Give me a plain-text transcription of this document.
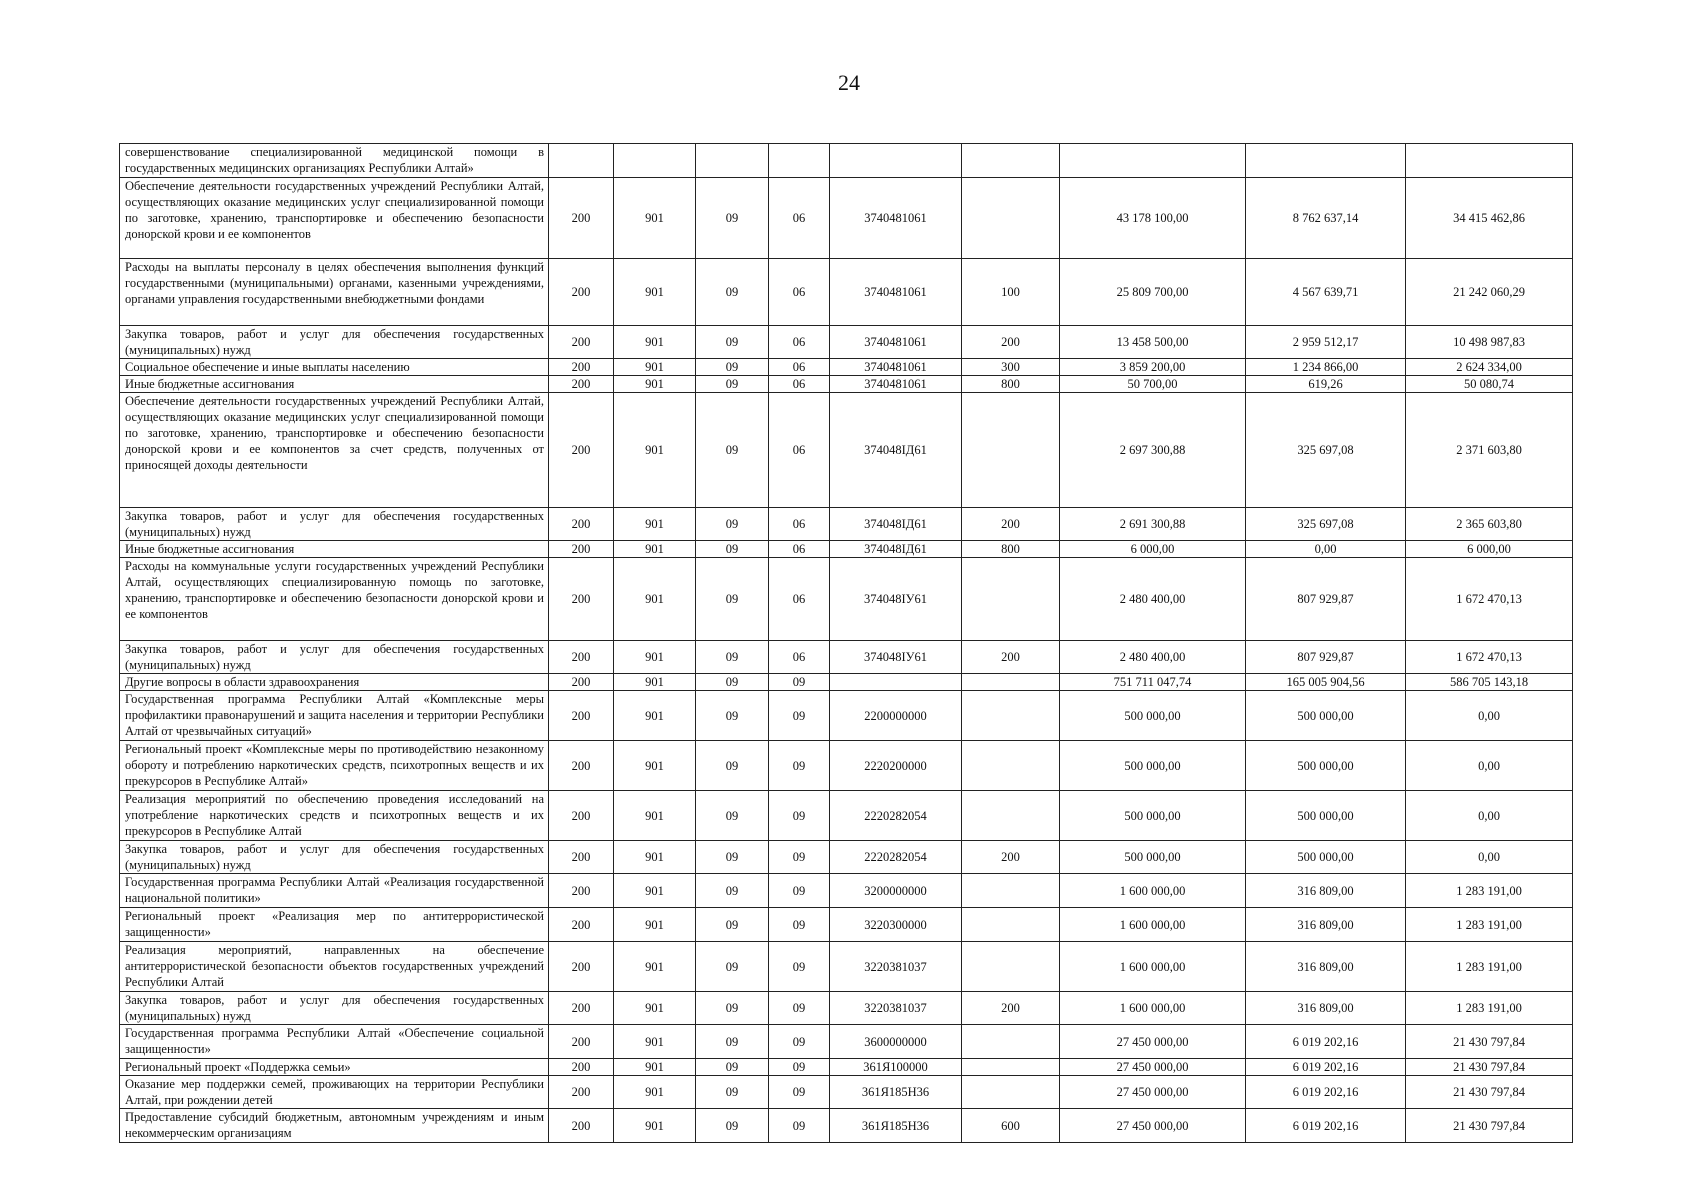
24
совершенствование специализированной медицинской помощи в государственных медицинских организациях Республики Алтай»									
Обеспечение деятельности государственных учреждений Республики Алтай, осуществляющих оказание медицинских услуг специализированной помощи по заготовке, хранению, транспортировке и обеспечению безопасности донорской крови и ее компонентов	200	901	09	06	3740481061		43 178 100,00	8 762 637,14	34 415 462,86
Расходы на выплаты персоналу в целях обеспечения выполнения функций государственными (муниципальными) органами, казенными учреждениями, органами управления государственными внебюджетными фондами	200	901	09	06	3740481061	100	25 809 700,00	4 567 639,71	21 242 060,29
Закупка товаров, работ и услуг для обеспечения государственных (муниципальных) нужд	200	901	09	06	3740481061	200	13 458 500,00	2 959 512,17	10 498 987,83
Социальное обеспечение и иные выплаты населению	200	901	09	06	3740481061	300	3 859 200,00	1 234 866,00	2 624 334,00
Иные бюджетные ассигнования	200	901	09	06	3740481061	800	50 700,00	619,26	50 080,74
Обеспечение деятельности государственных учреждений Республики Алтай, осуществляющих оказание медицинских услуг специализированной помощи по заготовке, хранению, транспортировке и обеспечению безопасности донорской крови и ее компонентов за счет средств, полученных от приносящей доходы деятельности	200	901	09	06	374048ІД61		2 697 300,88	325 697,08	2 371 603,80
Закупка товаров, работ и услуг для обеспечения государственных (муниципальных) нужд	200	901	09	06	374048ІД61	200	2 691 300,88	325 697,08	2 365 603,80
Иные бюджетные ассигнования	200	901	09	06	374048ІД61	800	6 000,00	0,00	6 000,00
Расходы на коммунальные услуги государственных учреждений Республики Алтай, осуществляющих специализированную помощь по заготовке, хранению, транспортировке и обеспечению безопасности донорской крови и ее компонентов	200	901	09	06	374048ІУ61		2 480 400,00	807 929,87	1 672 470,13
Закупка товаров, работ и услуг для обеспечения государственных (муниципальных) нужд	200	901	09	06	374048ІУ61	200	2 480 400,00	807 929,87	1 672 470,13
Другие вопросы в области здравоохранения	200	901	09	09			751 711 047,74	165 005 904,56	586 705 143,18
Государственная программа Республики Алтай «Комплексные меры профилактики правонарушений и защита населения и территории Республики Алтай от чрезвычайных ситуаций»	200	901	09	09	2200000000		500 000,00	500 000,00	0,00
Региональный проект «Комплексные меры по противодействию незаконному обороту и потреблению наркотических средств, психотропных веществ и их прекурсоров в Республике Алтай»	200	901	09	09	2220200000		500 000,00	500 000,00	0,00
Реализация мероприятий по обеспечению проведения исследований на употребление наркотических средств и психотропных веществ и их прекурсоров в Республике Алтай	200	901	09	09	2220282054		500 000,00	500 000,00	0,00
Закупка товаров, работ и услуг для обеспечения государственных (муниципальных) нужд	200	901	09	09	2220282054	200	500 000,00	500 000,00	0,00
Государственная программа Республики Алтай «Реализация государственной национальной политики»	200	901	09	09	3200000000		1 600 000,00	316 809,00	1 283 191,00
Региональный проект «Реализация мер по антитеррористической защищенности»	200	901	09	09	3220300000		1 600 000,00	316 809,00	1 283 191,00
Реализация мероприятий, направленных на обеспечение антитеррористической безопасности объектов государственных учреждений Республики Алтай	200	901	09	09	3220381037		1 600 000,00	316 809,00	1 283 191,00
Закупка товаров, работ и услуг для обеспечения государственных (муниципальных) нужд	200	901	09	09	3220381037	200	1 600 000,00	316 809,00	1 283 191,00
Государственная программа Республики Алтай «Обеспечение социальной защищенности»	200	901	09	09	3600000000		27 450 000,00	6 019 202,16	21 430 797,84
Региональный проект «Поддержка семьи»	200	901	09	09	361Я100000		27 450 000,00	6 019 202,16	21 430 797,84
Оказание мер поддержки семей, проживающих на территории Республики Алтай, при рождении детей	200	901	09	09	361Я185Н36		27 450 000,00	6 019 202,16	21 430 797,84
Предоставление субсидий бюджетным, автономным учреждениям и иным некоммерческим организациям	200	901	09	09	361Я185Н36	600	27 450 000,00	6 019 202,16	21 430 797,84
